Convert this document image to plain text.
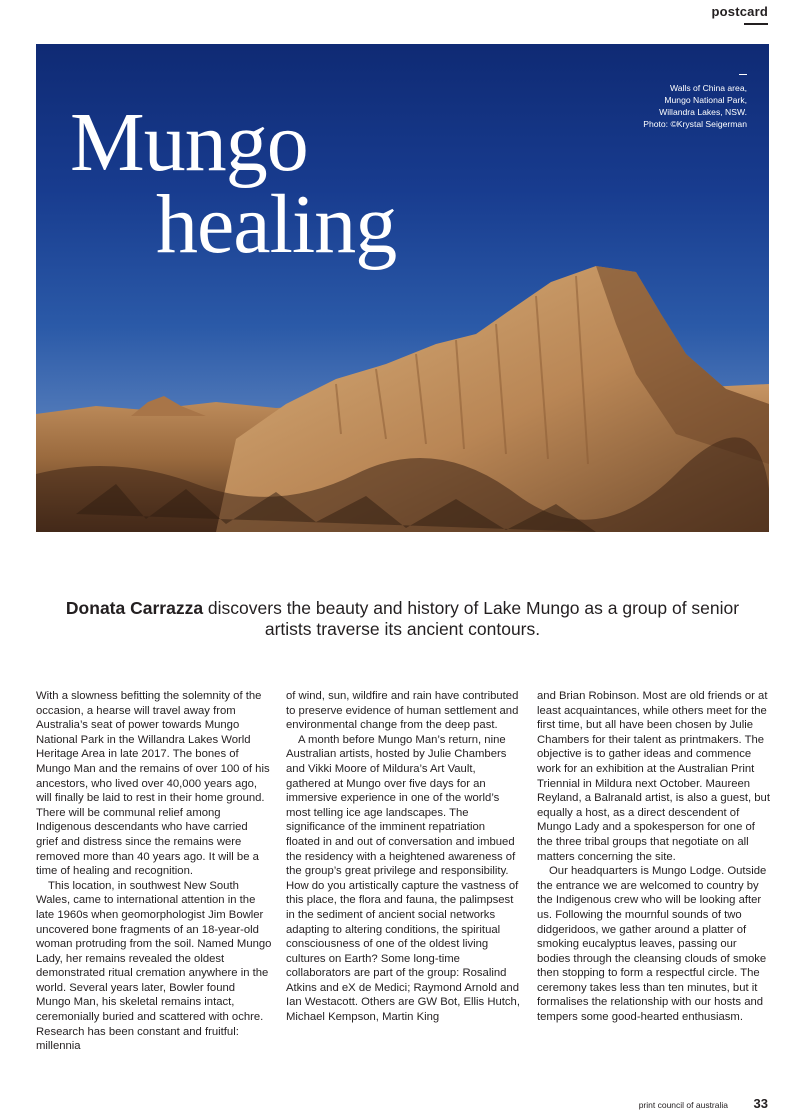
postcard
Mungo
healing

Walls of China area,
Mungo National Park,
Willandra Lakes, NSW.
Photo: ©Krystal Seigerman
Donata Carrazza discovers the beauty and history of Lake Mungo as a group of senior artists traverse its ancient contours.

With a slowness befitting the solemnity of the occasion, a hearse will travel away from Australia’s seat of power towards Mungo National Park in the Willandra Lakes World Heritage Area in late 2017. The bones of Mungo Man and the remains of over 100 of his ancestors, who lived over 40,000 years ago, will finally be laid to rest in their home ground. There will be communal relief among Indigenous descendants who have carried grief and distress since the remains were removed more than 40 years ago. It will be a time of healing and recognition.

This location, in southwest New South Wales, came to international attention in the late 1960s when geomorphologist Jim Bowler uncovered bone fragments of an 18-year-old woman protruding from the soil. Named Mungo Lady, her remains revealed the oldest demonstrated ritual cremation anywhere in the world. Several years later, Bowler found Mungo Man, his skeletal remains intact, ceremonially buried and scattered with ochre. Research has been constant and fruitful: millennia

of wind, sun, wildfire and rain have contributed to preserve evidence of human settlement and environmental change from the deep past.

A month before Mungo Man’s return, nine Australian artists, hosted by Julie Chambers and Vikki Moore of Mildura’s Art Vault, gathered at Mungo over five days for an immersive experience in one of the world’s most telling ice age landscapes. The significance of the imminent repatriation floated in and out of conversation and imbued the residency with a heightened awareness of the group’s great privilege and responsibility. How do you artistically capture the vastness of this place, the flora and fauna, the palimpsest in the sediment of ancient social networks adapting to altering conditions, the spiritual consciousness of one of the oldest living cultures on Earth? Some long-time collaborators are part of the group: Rosalind Atkins and eX de Medici; Raymond Arnold and Ian Westacott. Others are GW Bot, Ellis Hutch, Michael Kempson, Martin King

and Brian Robinson. Most are old friends or at least acquaintances, while others meet for the first time, but all have been chosen by Julie Chambers for their talent as printmakers. The objective is to gather ideas and commence work for an exhibition at the Australian Print Triennial in Mildura next October. Maureen Reyland, a Balranald artist, is also a guest, but equally a host, as a direct descendent of Mungo Lady and a spokesperson for one of the three tribal groups that negotiate on all matters concerning the site.

Our headquarters is Mungo Lodge. Outside the entrance we are welcomed to country by the Indigenous crew who will be looking after us. Following the mournful sounds of two didgeridoos, we gather around a platter of smoking eucalyptus leaves, passing our bodies through the cleansing clouds of smoke then stopping to form a respectful circle. The ceremony takes less than ten minutes, but it formalises the relationship with our hosts and tempers some good-hearted enthusiasm.

print council of australia 33
